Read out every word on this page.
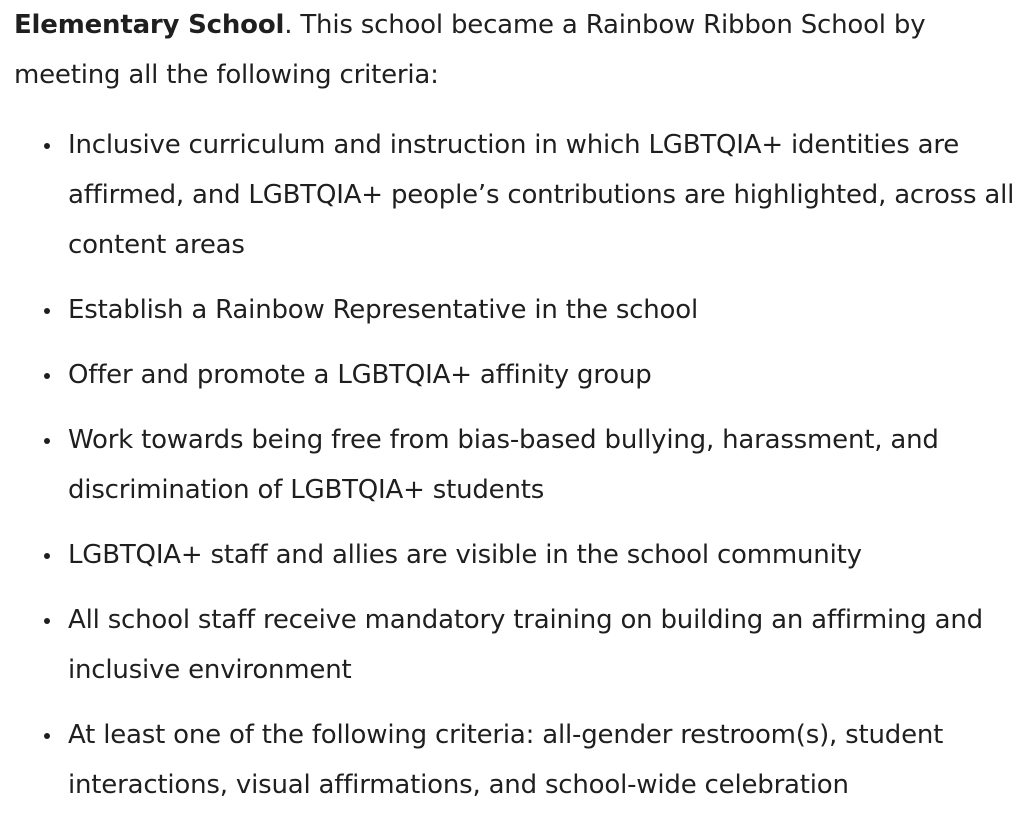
Elementary School. This school became a Rainbow Ribbon School by meeting all the following criteria:

Inclusive curriculum and instruction in which LGBTQIA+ identities are affirmed, and LGBTQIA+ people’s contributions are highlighted, across all content areas
Establish a Rainbow Representative in the school
Offer and promote a LGBTQIA+ affinity group
Work towards being free from bias-based bullying, harassment, and discrimination of LGBTQIA+ students
LGBTQIA+ staff and allies are visible in the school community
All school staff receive mandatory training on building an affirming and inclusive environment
At least one of the following criteria: all-gender restroom(s), student interactions, visual affirmations, and school-wide celebration
